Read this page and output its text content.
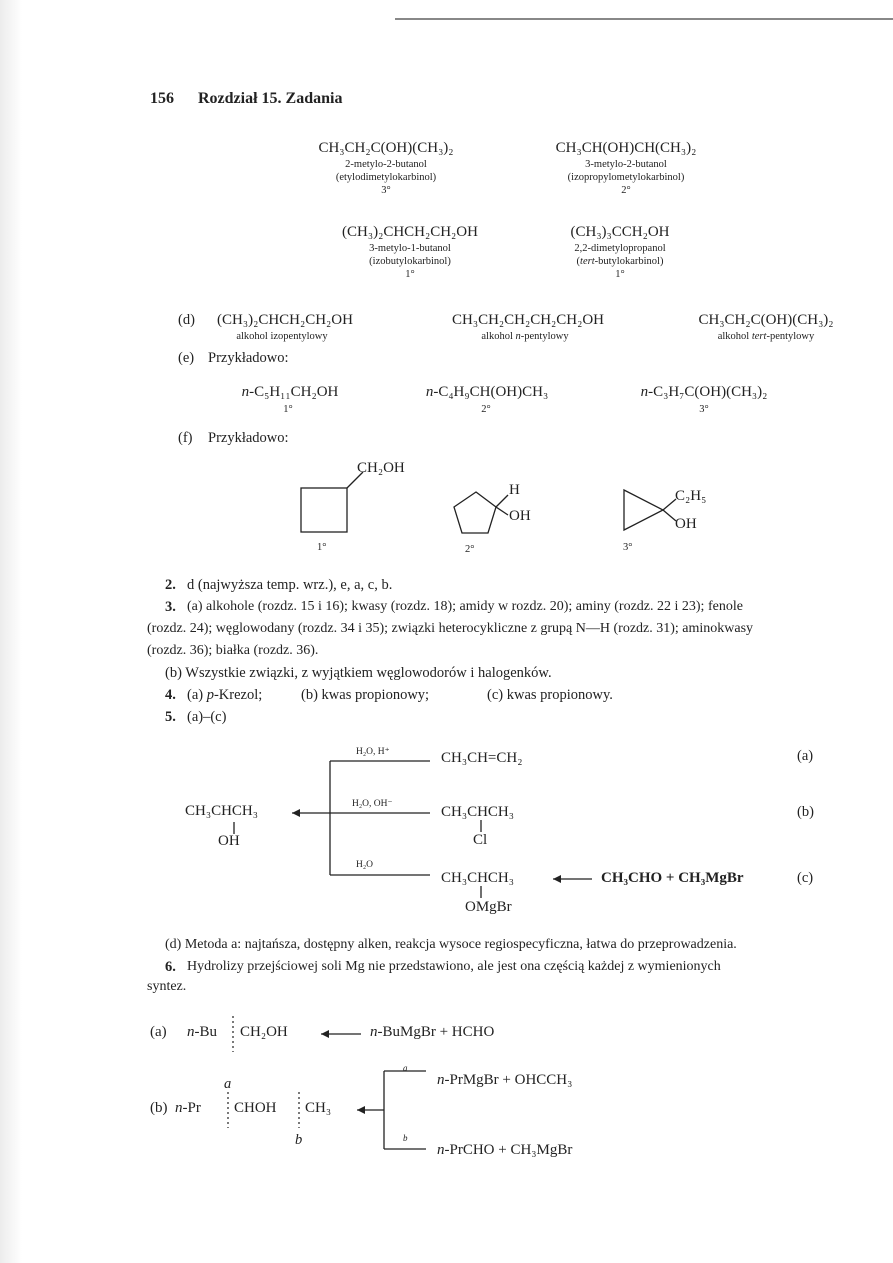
156 Rozdział 15. Zadania
CH₃CH₂C(OH)(CH₃)₂
2-metylo-2-butanol
(etylodimetylokarbinol)
3°
CH₃CH(OH)CH(CH₃)₂
3-metylo-2-butanol
(izopropylometylokarbinol)
2°
(CH₃)₂CHCH₂CH₂OH
3-metylo-1-butanol
(izobutylokarbinol)
1°
(CH₃)₃CCH₂OH
2,2-dimetylopropanol
(tert-butylokarbinol)
1°
(d) (CH₃)₂CHCH₂CH₂OH
alkohol izopentylowy
CH₃CH₂CH₂CH₂CH₂OH
alkohol n-pentylowy
CH₃CH₂C(OH)(CH₃)₂
alkohol tert-pentylowy
(e) Przykładowo:
n-C₅H₁₁CH₂OH
1°
n-C₄H₉CH(OH)CH₃
2°
n-C₃H₇C(OH)(CH₃)₂
3°
(f) Przykładowo:
CH₂OH
1°
H
OH
2°
C₂H₅
OH
3°
2. d (najwyższa temp. wrz.), e, a, c, b.
3. (a) alkohole (rozdz. 15 i 16); kwasy (rozdz. 18); amidy w rozdz. 20); aminy (rozdz. 22 i 23); fenole
(rozdz. 24); węglowodany (rozdz. 34 i 35); związki heterocykliczne z grupą N—H (rozdz. 31); aminokwasy
(rozdz. 36); białka (rozdz. 36).
(b) Wszystkie związki, z wyjątkiem węglowodorów i halogenków.
4. (a) p-Krezol;	(b) kwas propionowy;	(c) kwas propionowy.
5. (a)–(c)
H₂O, H⁺
H₂O, OH⁻
H₂O
CH₃CHCH₃
OH
CH₃CH=CH₂	(a)
CH₃CHCH₃
Cl
(b)
CH₃CHCH₃
OMgBr
CH₃CHO + CH₃MgBr	(c)
(d) Metoda a: najtańsza, dostępny alken, reakcja wysoce regiospecyficzna, łatwa do przeprowadzenia.
6. Hydrolizy przejściowej soli Mg nie przedstawiono, ale jest ona częścią każdej z wymienionych
syntez.
(a) n-Bu CH₂OH	n-BuMgBr + HCHO
(b) n-Pr CHOH CH₃
a
b
a
n-PrMgBr + OHCCH₃
b
n-PrCHO + CH₃MgBr
